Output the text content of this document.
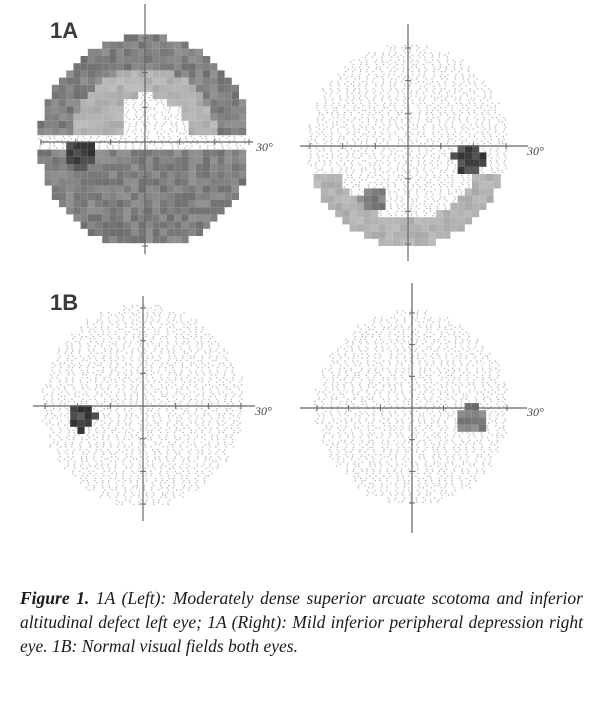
1A
1B
30°	30°
30°	30°
Figure 1. 1A (Left): Moderately dense superior arcuate scotoma and inferior altitudinal defect left eye; 1A (Right): Mild inferior peripheral depression right eye. 1B: Normal visual fields both eyes.
